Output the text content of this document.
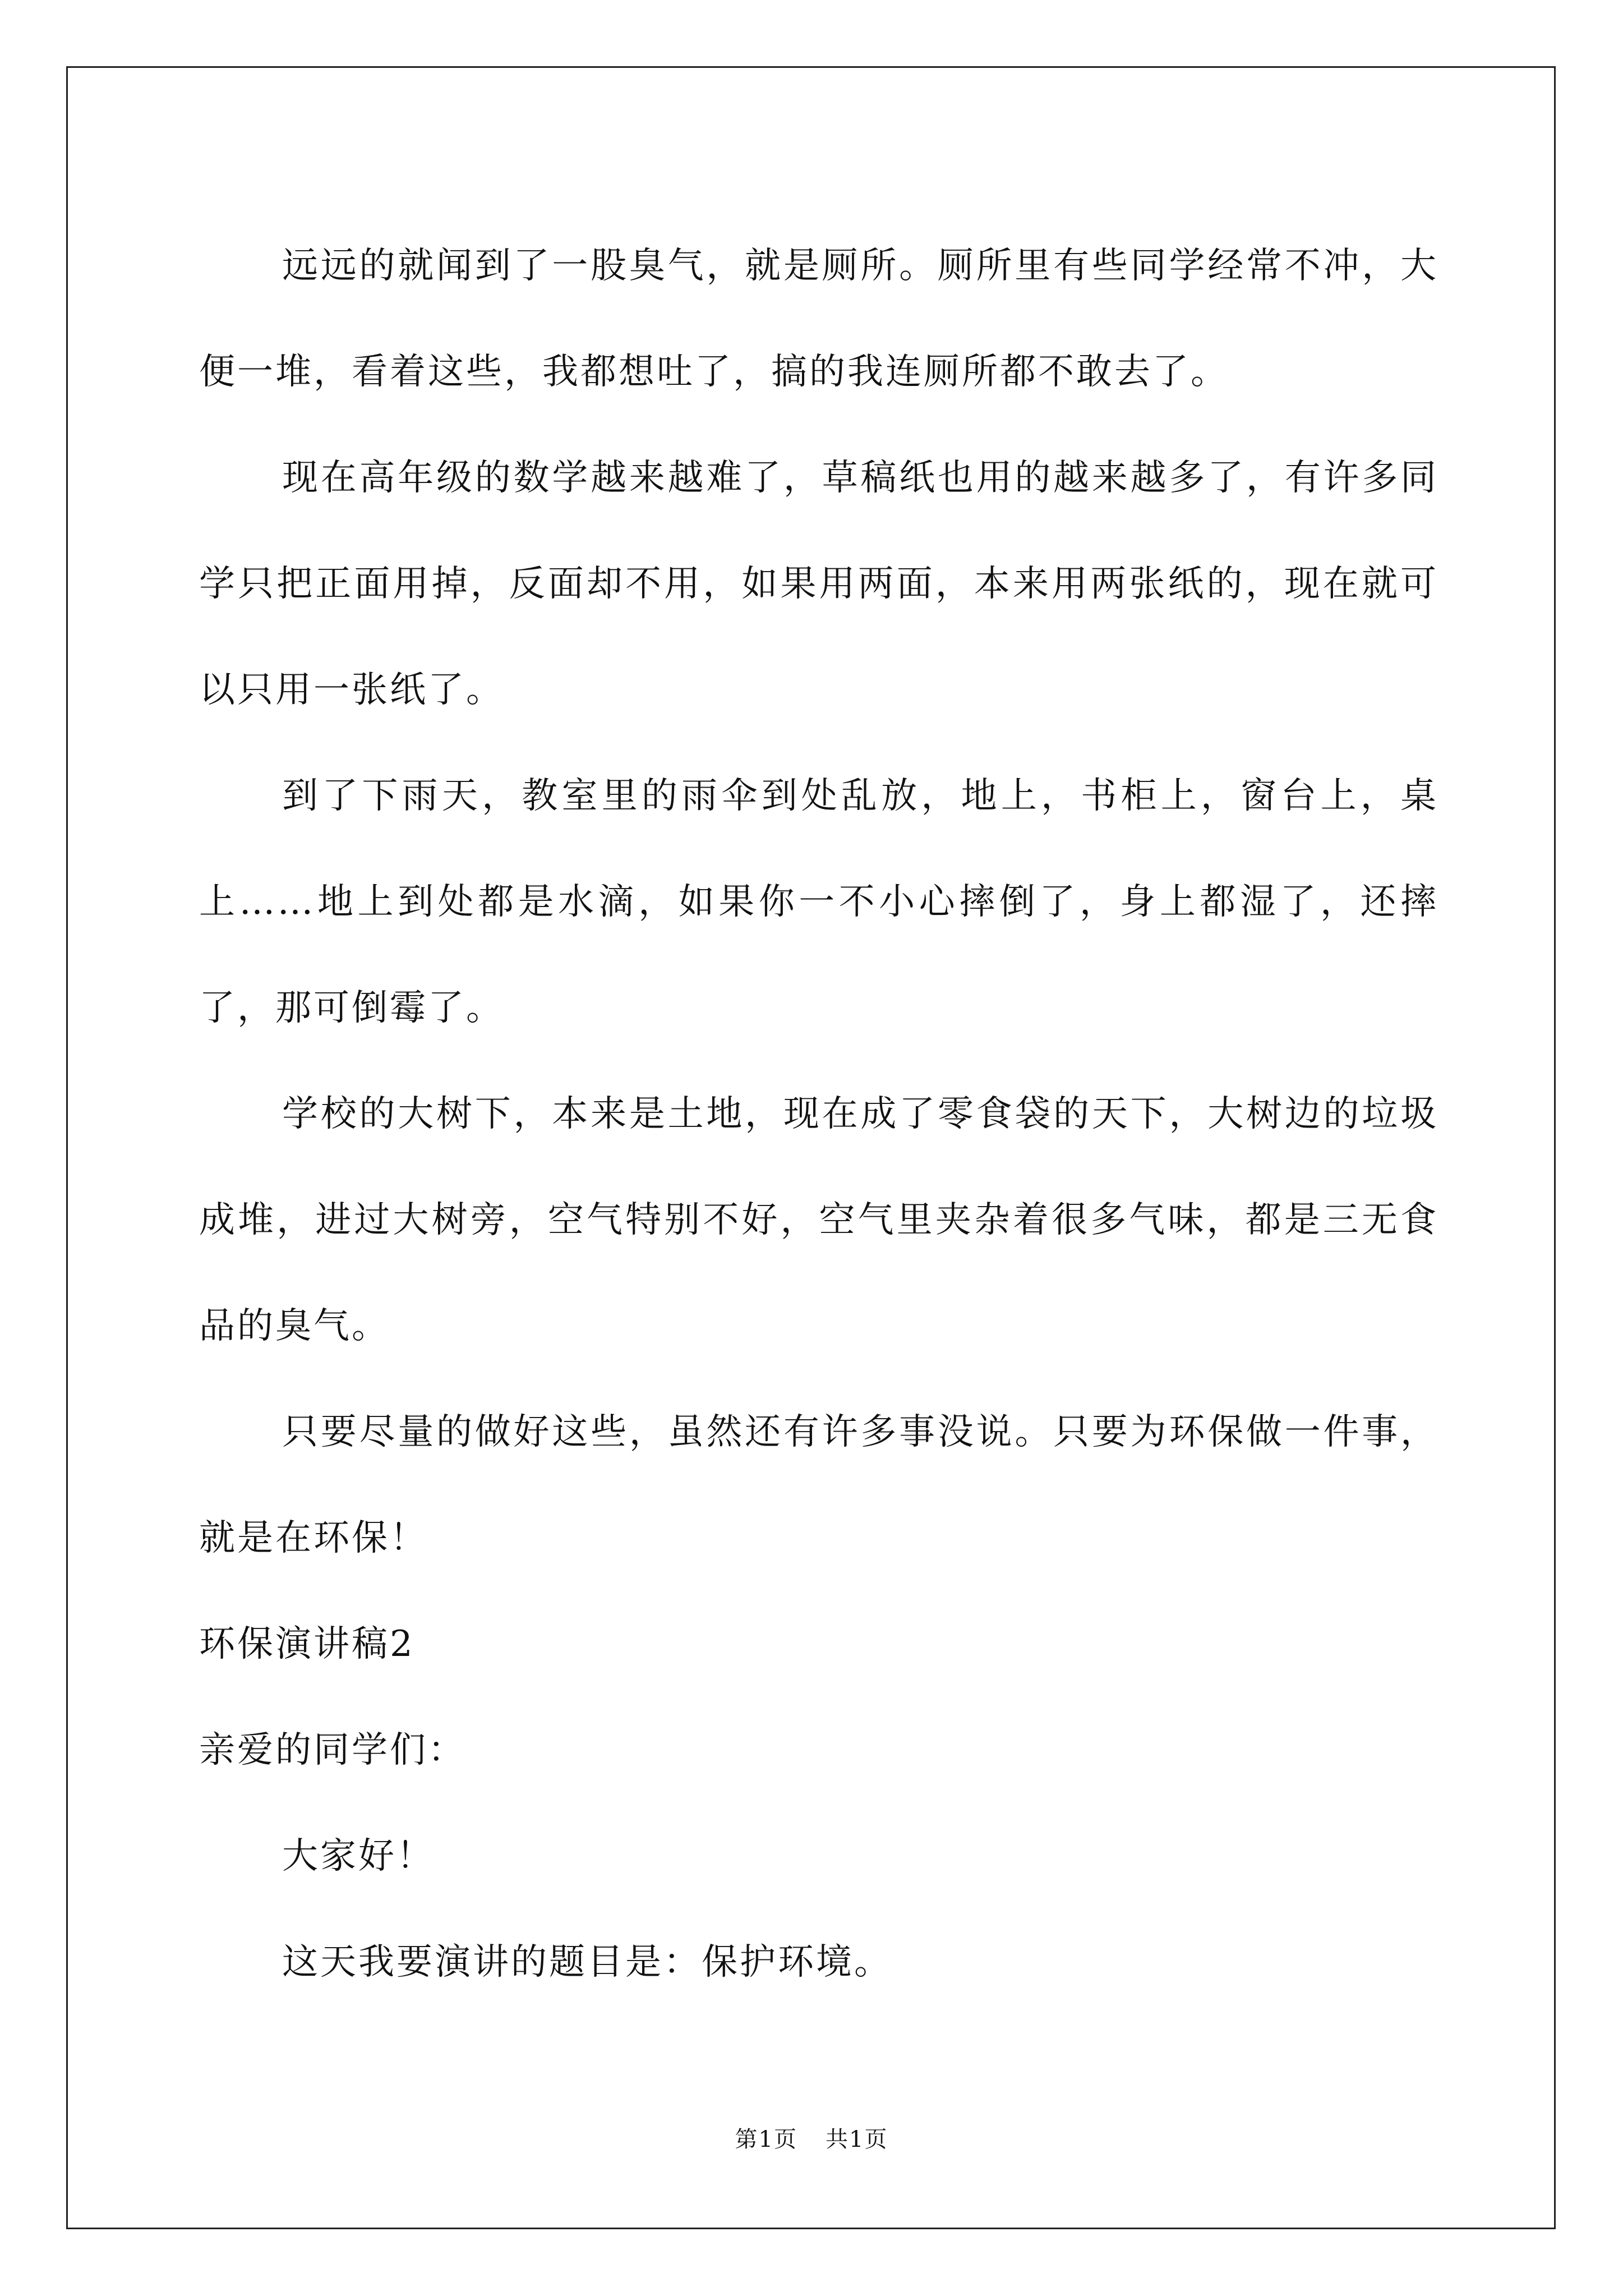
远远的就闻到了一股臭气，就是厕所。厕所里有些同学经常不冲，大便一堆，看着这些，我都想吐了，搞的我连厕所都不敢去了。

现在高年级的数学越来越难了，草稿纸也用的越来越多了，有许多同学只把正面用掉，反面却不用，如果用两面，本来用两张纸的，现在就可以只用一张纸了。

到了下雨天，教室里的雨伞到处乱放，地上，书柜上，窗台上，桌上……地上到处都是水滴，如果你一不小心摔倒了，身上都湿了，还摔了，那可倒霉了。

学校的大树下，本来是土地，现在成了零食袋的天下，大树边的垃圾成堆，进过大树旁，空气特别不好，空气里夹杂着很多气味，都是三无食品的臭气。

只要尽量的做好这些，虽然还有许多事没说。只要为环保做一件事，就是在环保！

环保演讲稿2

亲爱的同学们：

大家好！

这天我要演讲的题目是：保护环境。

第1页 共1页
